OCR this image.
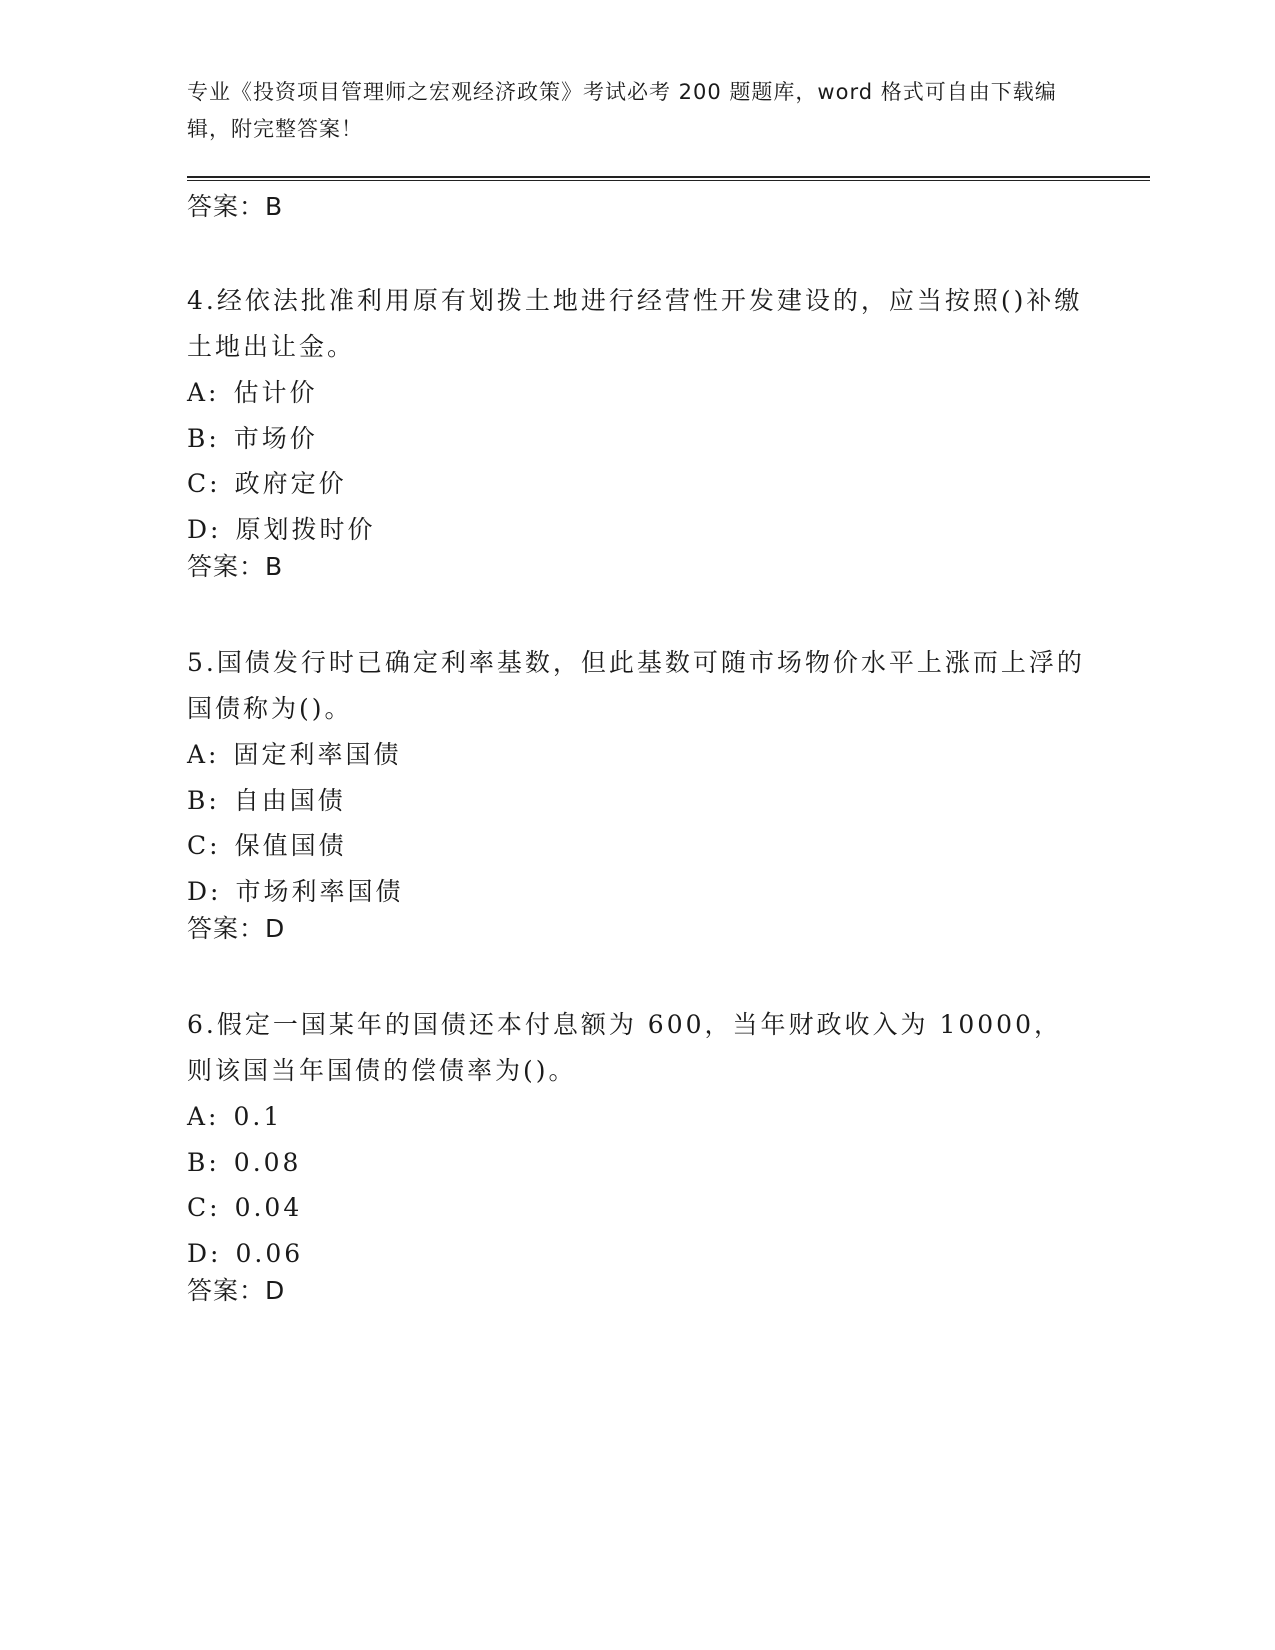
专业《投资项目管理师之宏观经济政策》考试必考 200 题题库，word 格式可自由下载编辑，附完整答案！

答案：B

4.经依法批准利用原有划拨土地进行经营性开发建设的，应当按照()补缴土地出让金。

A: 估计价

B: 市场价

C: 政府定价

D: 原划拨时价

答案：B

5.国债发行时已确定利率基数，但此基数可随市场物价水平上涨而上浮的国债称为()。

A: 固定利率国债

B: 自由国债

C: 保值国债

D: 市场利率国债

答案：D

6.假定一国某年的国债还本付息额为 600，当年财政收入为 10000，则该国当年国债的偿债率为()。

A: 0.1

B: 0.08

C: 0.04

D: 0.06

答案：D
